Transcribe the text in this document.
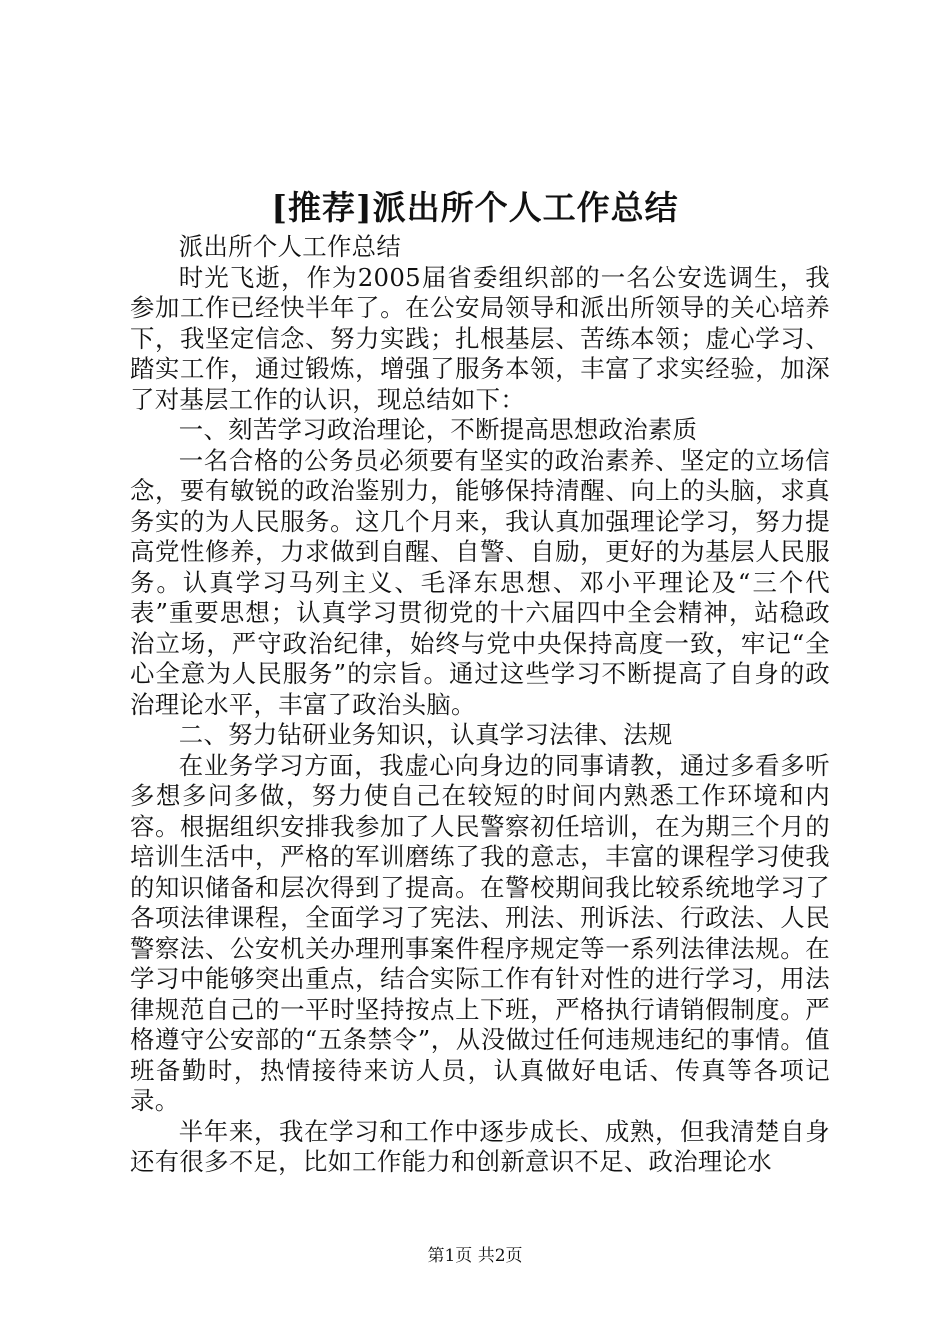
[推荐]派出所个人工作总结

派出所个人工作总结

时光飞逝，作为2005届省委组织部的一名公安选调生，我参加工作已经快半年了。在公安局领导和派出所领导的关心培养下，我坚定信念、努力实践；扎根基层、苦练本领；虚心学习、踏实工作，通过锻炼，增强了服务本领，丰富了求实经验，加深了对基层工作的认识，现总结如下：

一、刻苦学习政治理论，不断提高思想政治素质

一名合格的公务员必须要有坚实的政治素养、坚定的立场信念，要有敏锐的政治鉴别力，能够保持清醒、向上的头脑，求真务实的为人民服务。这几个月来，我认真加强理论学习，努力提高党性修养，力求做到自醒、自警、自励，更好的为基层人民服务。认真学习马列主义、毛泽东思想、邓小平理论及“三个代表”重要思想；认真学习贯彻党的十六届四中全会精神，站稳政治立场，严守政治纪律，始终与党中央保持高度一致，牢记“全心全意为人民服务”的宗旨。通过这些学习不断提高了自身的政治理论水平，丰富了政治头脑。

二、努力钻研业务知识，认真学习法律、法规

在业务学习方面，我虚心向身边的同事请教，通过多看多听多想多问多做，努力使自己在较短的时间内熟悉工作环境和内容。根据组织安排我参加了人民警察初任培训，在为期三个月的培训生活中，严格的军训磨练了我的意志，丰富的课程学习使我的知识储备和层次得到了提高。在警校期间我比较系统地学习了各项法律课程，全面学习了宪法、刑法、刑诉法、行政法、人民警察法、公安机关办理刑事案件程序规定等一系列法律法规。在学习中能够突出重点，结合实际工作有针对性的进行学习，用法律规范自己的一平时坚持按点上下班，严格执行请销假制度。严格遵守公安部的“五条禁令”，从没做过任何违规违纪的事情。值班备勤时，热情接待来访人员，认真做好电话、传真等各项记录。

半年来，我在学习和工作中逐步成长、成熟，但我清楚自身还有很多不足，比如工作能力和创新意识不足、政治理论水

第1页 共2页
